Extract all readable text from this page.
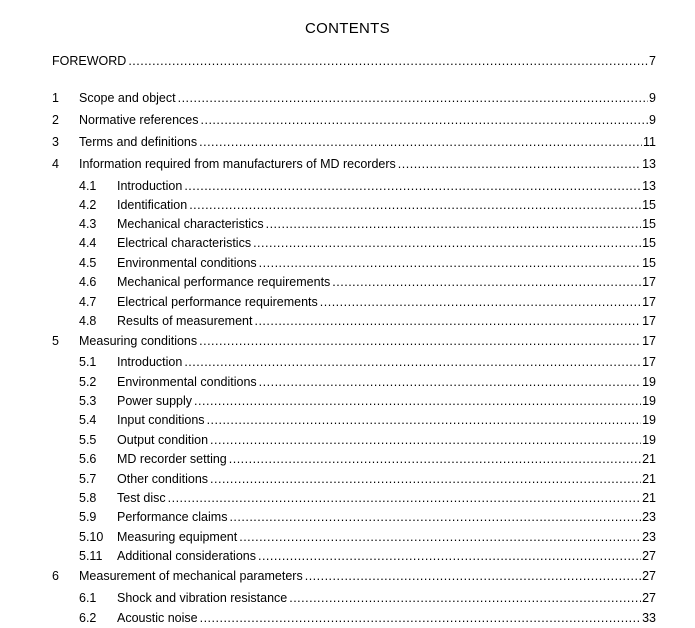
CONTENTS
FOREWORD .....	7
1	Scope and object .....	9
2	Normative references .....	9
3	Terms and definitions .....	11
4	Information required from manufacturers of MD recorders .....	13
4.1	Introduction .....	13
4.2	Identification .....	15
4.3	Mechanical characteristics .....	15
4.4	Electrical characteristics .....	15
4.5	Environmental conditions .....	15
4.6	Mechanical performance requirements .....	17
4.7	Electrical performance requirements .....	17
4.8	Results of measurement .....	17
5	Measuring conditions .....	17
5.1	Introduction .....	17
5.2	Environmental conditions .....	19
5.3	Power supply .....	19
5.4	Input conditions .....	19
5.5	Output condition .....	19
5.6	MD recorder setting .....	21
5.7	Other conditions .....	21
5.8	Test disc .....	21
5.9	Performance claims .....	23
5.10	Measuring equipment .....	23
5.11	Additional considerations .....	27
6	Measurement of mechanical parameters .....	27
6.1	Shock and vibration resistance .....	27
6.2	Acoustic noise .....	33
